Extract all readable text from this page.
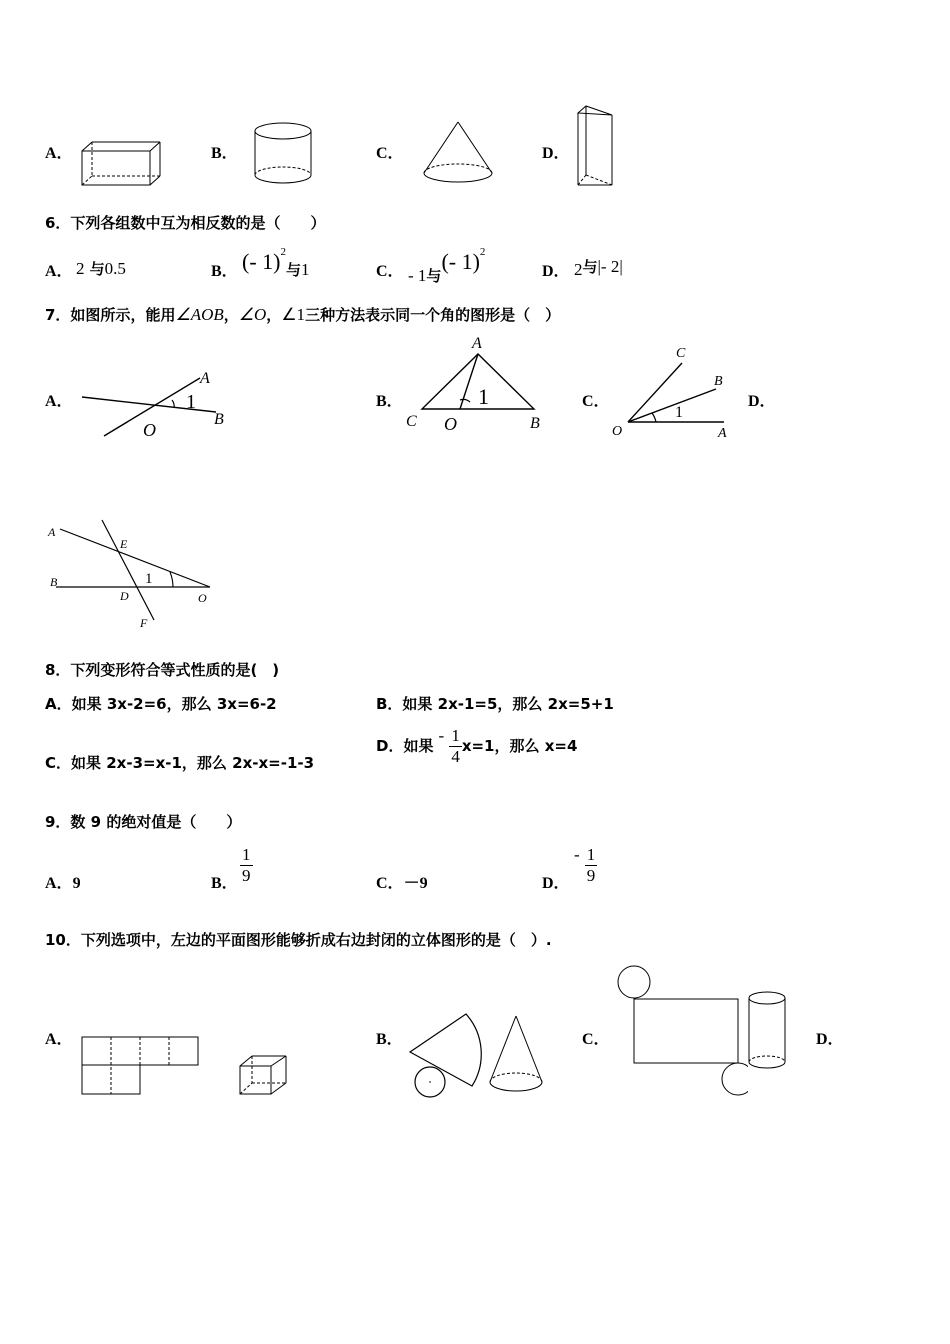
A．	B．	C．	D．
6．下列各组数中互为相反数的是（　　）
A． 2 与0.5	B． (- 1)$^2$与1	C． - 1与(- 1)$^2$
D． 2与|- 2|
7．如图所示，能用∠AOB，∠O，∠1三种方法表示同一个角的图形是（　）
A．
A
1
B
O
B．
A
1
C O	B
C．
C
B
1
O	A
D．
A
E
B	1
D	O
F
8．下列变形符合等式性质的是(　)
A．如果 3x-2=6，那么 3x=6-2	B．如果 2x-1=5，那么 2x=5+1
C．如果 2x-3=x-1，那么 2x-x=-1-3
D．如果 - $\frac{1}{4} x=1$，那么 x=4
9．数 9 的绝对值是（　　）
A．9	B． $\frac{1}{9}$	C．－9	D．
- $\frac{1}{9}$
10．下列选项中，左边的平面图形能够折成右边封闭的立体图形的是（　）.
A．	B．	C．	D．
